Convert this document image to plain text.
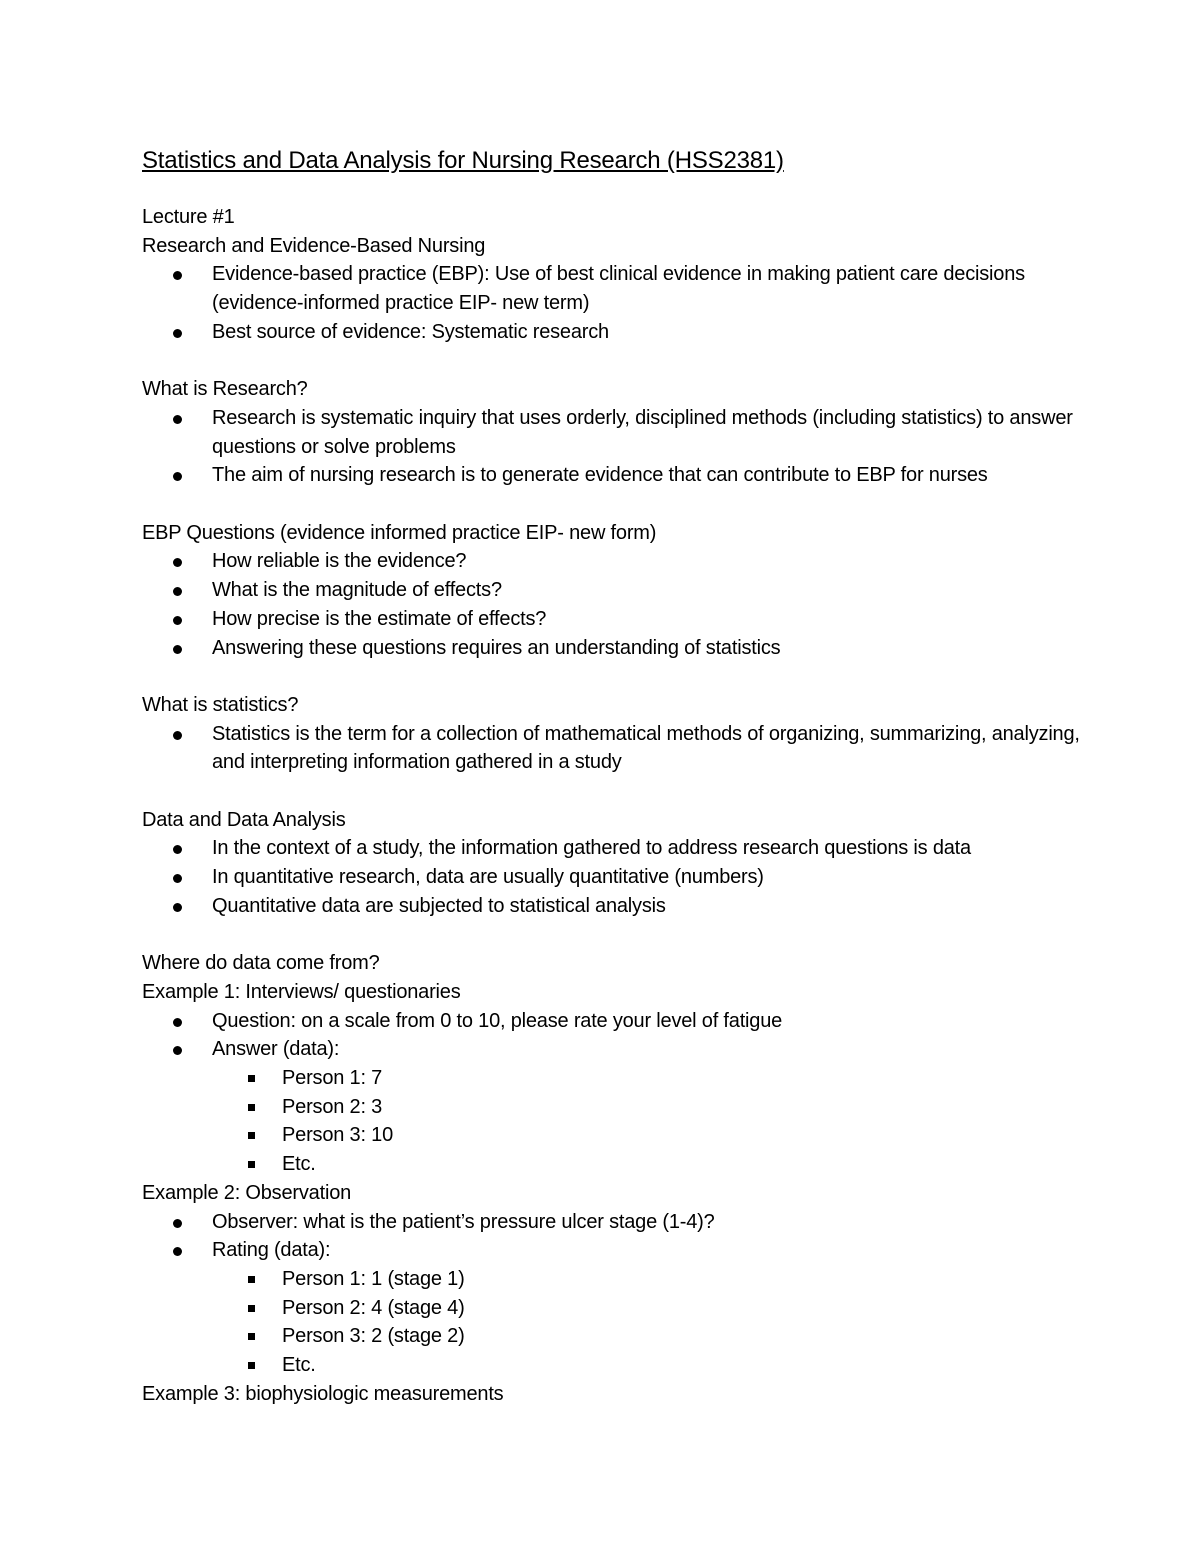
Statistics and Data Analysis for Nursing Research (HSS2381)
Lecture #1
Research and Evidence-Based Nursing
Evidence-based practice (EBP): Use of best clinical evidence in making patient care decisions (evidence-informed practice EIP- new term)
Best source of evidence: Systematic research
What is Research?
Research is systematic inquiry that uses orderly, disciplined methods (including statistics) to answer questions or solve problems
The aim of nursing research is to generate evidence that can contribute to EBP for nurses
EBP Questions (evidence informed practice EIP- new form)
How reliable is the evidence?
What is the magnitude of effects?
How precise is the estimate of effects?
Answering these questions requires an understanding of statistics
What is statistics?
Statistics is the term for a collection of mathematical methods of organizing, summarizing, analyzing, and interpreting information gathered in a study
Data and Data Analysis
In the context of a study, the information gathered to address research questions is data
In quantitative research, data are usually quantitative (numbers)
Quantitative data are subjected to statistical analysis
Where do data come from?
Example 1: Interviews/ questionaries
Question: on a scale from 0 to 10, please rate your level of fatigue
Answer (data):
Person 1: 7
Person 2: 3
Person 3: 10
Etc.
Example 2: Observation
Observer: what is the patient’s pressure ulcer stage (1-4)?
Rating (data):
Person 1: 1 (stage 1)
Person 2: 4 (stage 4)
Person 3: 2 (stage 2)
Etc.
Example 3: biophysiologic measurements
